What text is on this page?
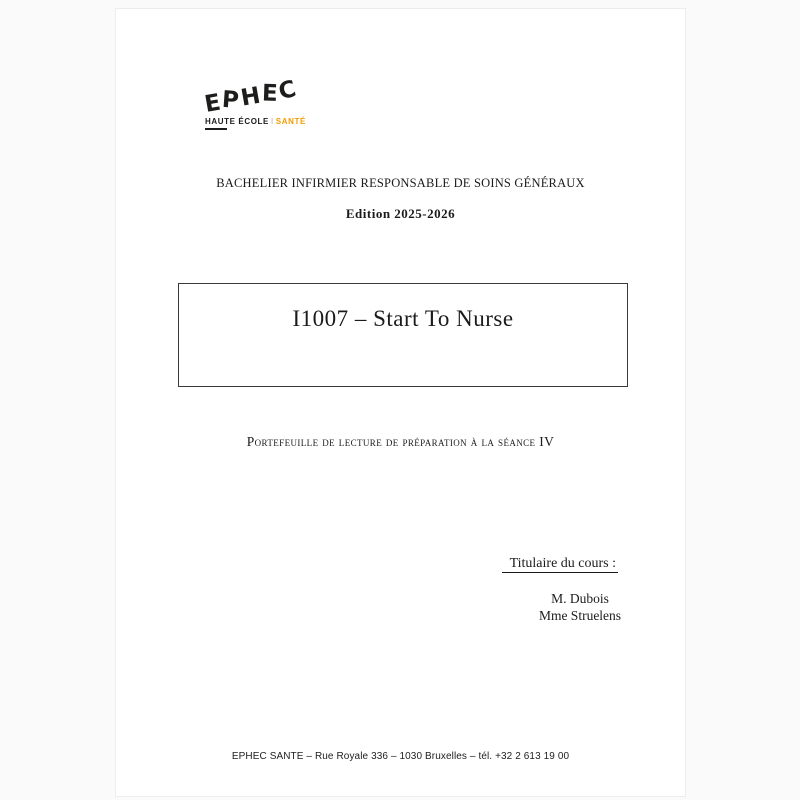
EPHEC
HAUTE ÉCOLE I SANTÉ
BACHELIER INFIRMIER RESPONSABLE DE SOINS GÉNÉRAUX
Edition 2025-2026
I1007 – Start To Nurse
Portefeuille de lecture de préparation à la séance IV
Titulaire du cours :
M. Dubois
Mme Struelens
EPHEC SANTE – Rue Royale 336 – 1030 Bruxelles – tél. +32 2 613 19 00
